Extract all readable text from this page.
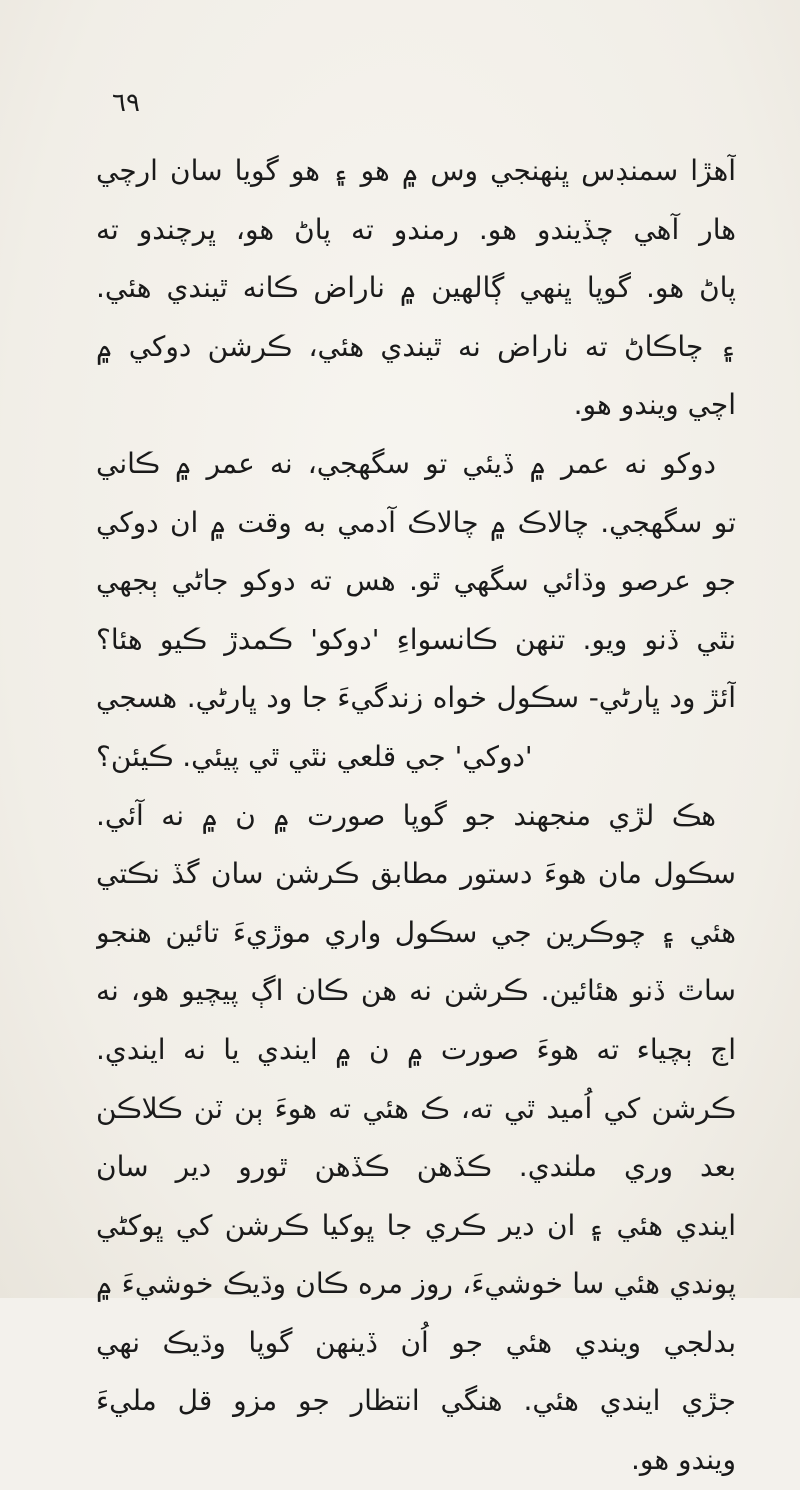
٦٩
آهڙا سمنڊس ڀنهنجي وس ۾ هو ۽ هو گويا سان ارچي
هار آهي چڏيندو هو. رمندو ته پاڻ هو، ڀرچندو ته
پاڻ هو. گوپا ڀنهي ڳالهين ۾ ناراض ڪانه ٿيندي هئي.
۽ چاڪاڻ ته ناراض نه ٿيندي هئي، ڪرشن دوکي ۾
اچي ويندو هو.
دوکو نه عمر ۾ ڏيئي تو سگهجي، نه عمر ۾ ڪاني
تو سگهجي. چالاڪ ۾ چالاڪ آدمي به وقت ۾ ان دوکي
جو عرصو وڌائي سگهي ٿو. هس ته دوکو جاڻي ٻجهي
نٿي ڏنو ويو. تنهن ڪانسواءِ 'دوکو' ڪمدڙ ڪيو هئا؟
آئڙ ود ڀارڻي- سڪول خواه زندگيءَ جا ود ڀارڻي. هسجي
'دوکي' جي قلعي نٿي ٿي پيئي. ڪيئن؟
هڪ لڙي منجهند جو گوپا صورت ۾ ن ۾ نه آئي.
سڪول مان هوءَ دستور مطابق ڪرشن سان گڏ نڪتي
هئي ۽ چوڪرين جي سڪول واري موڙيءَ تائين هنجو
ساٿ ڏنو هئائين. ڪرشن نه هن ڪان اڳ پيچيو هو، نه
اڄ ٻچياء ته هوءَ صورت ۾ ن ۾ ايندي يا نه ايندي.
ڪرشن کي اُميد ٿي ته، ڪ هئي ته هوءَ ٻن ٽن ڪلاڪن
بعد وري ملندي. ڪڏهن ڪڏهن ٿورو دير سان
ايندي هئي ۽ ان دير ڪري جا ڀوکيا ڪرشن کي ڀوکڻي
پوندي هئي سا خوشيءَ، روز مره ڪان وڌيڪ خوشيءَ ۾
بدلجي ويندي هئي جو اُن ڏينهن گوپا وڌيڪ نهي
جڙي ايندي هئي. هنگي انتظار جو مزو قل مليءَ
ويندو هو.
